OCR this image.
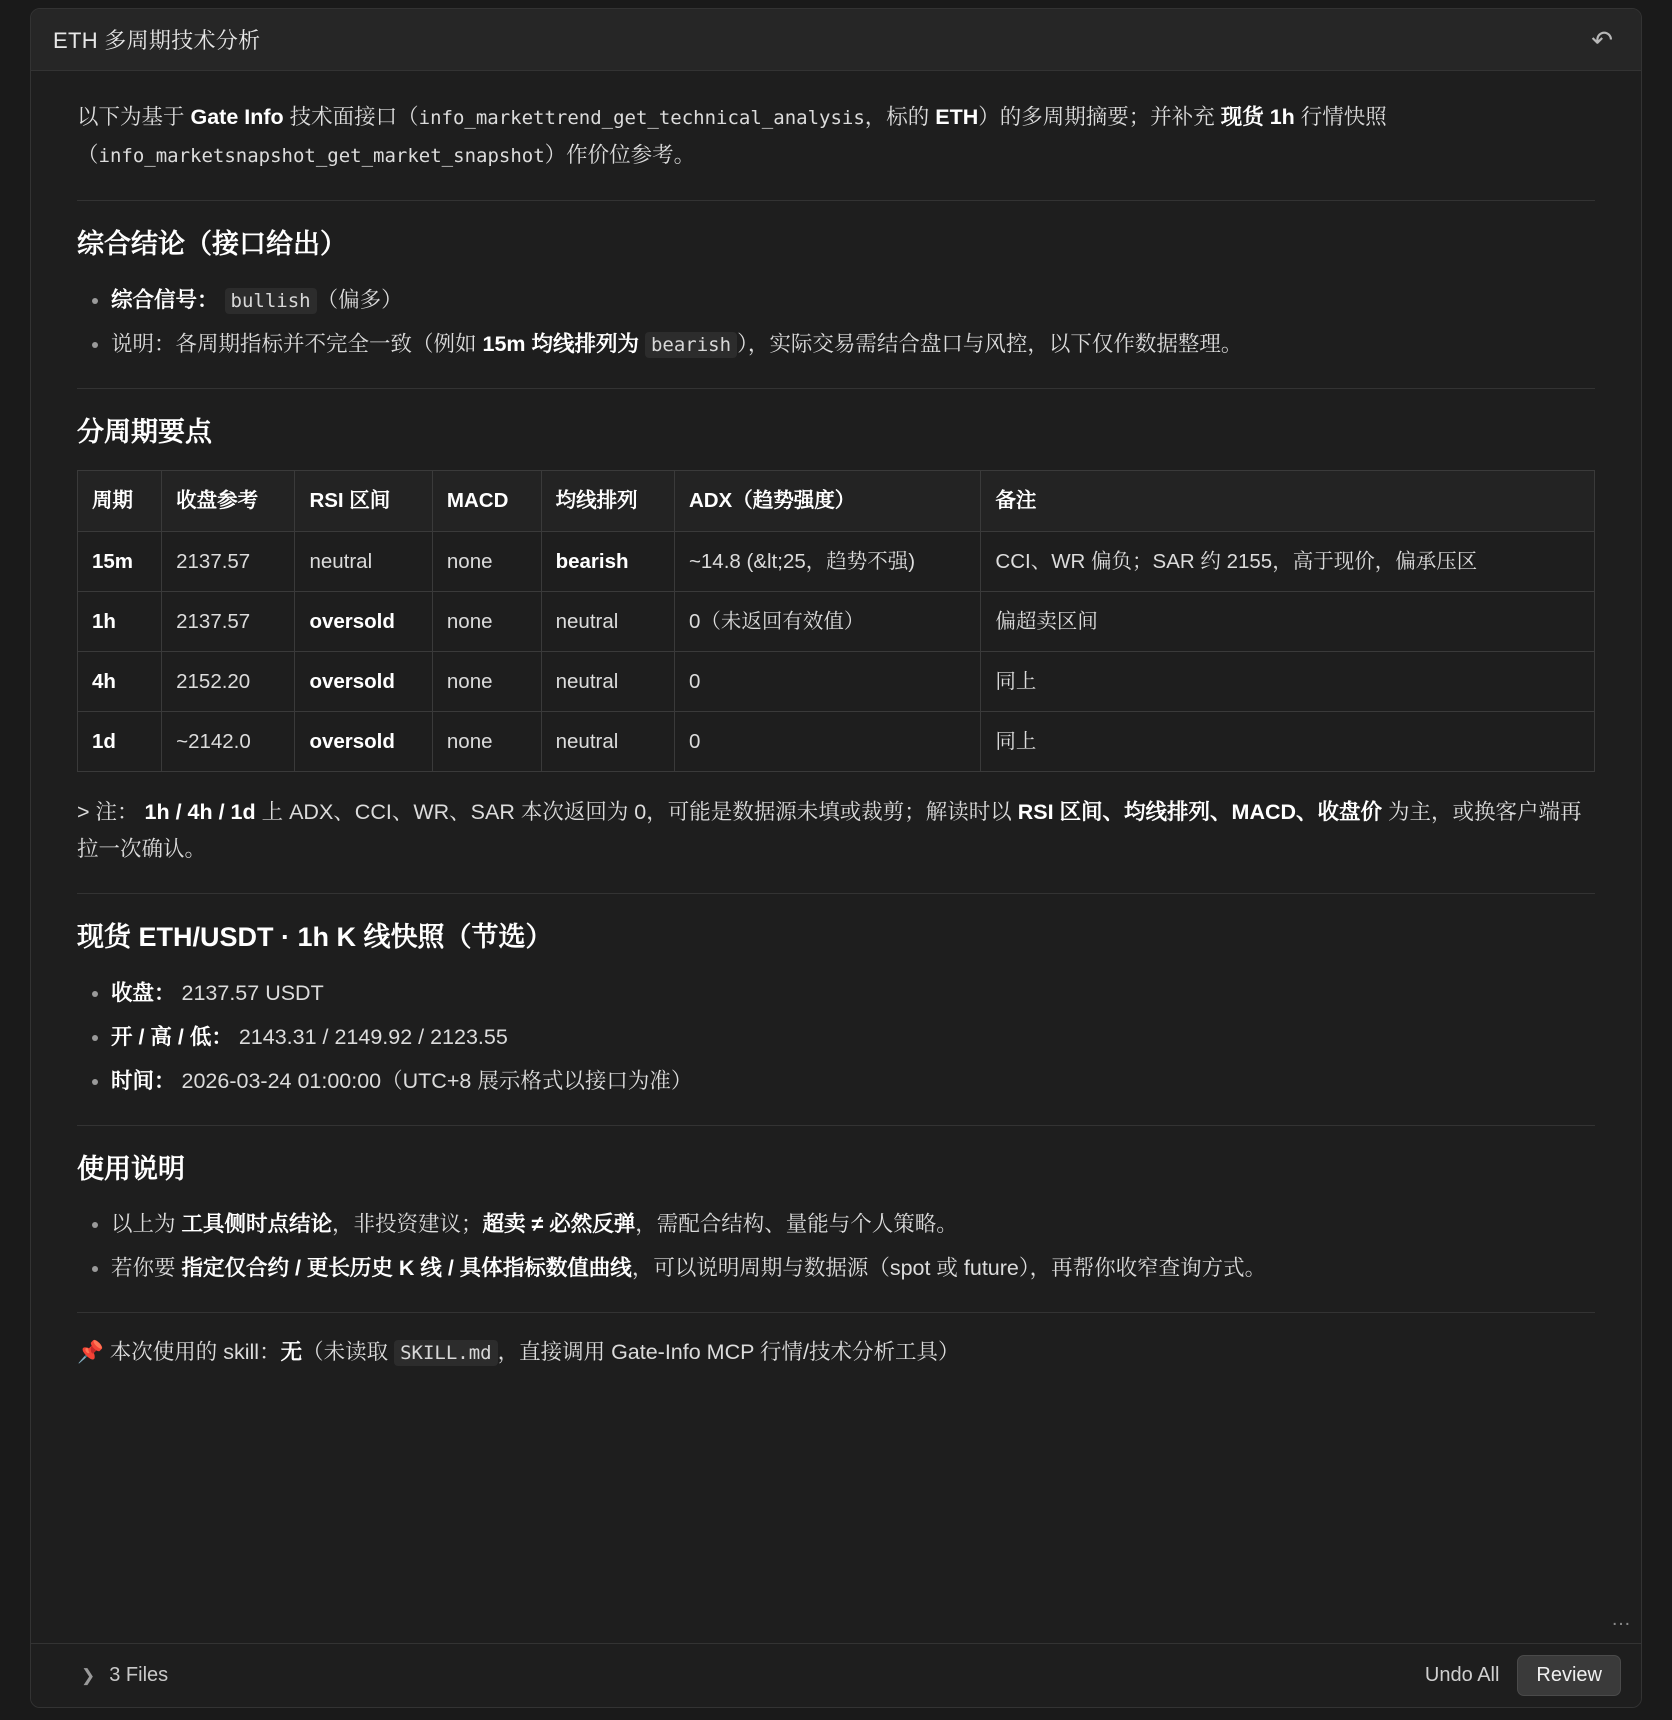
ETH 多周期技术分析	↶

以下为基于 Gate Info 技术面接口（info_markettrend_get_technical_analysis，标的 ETH）的多周期摘要；并补充 现货 1h 行情快照（info_marketsnapshot_get_market_snapshot）作价位参考。

综合结论（接口给出）
• 综合信号： bullish （偏多）
• 说明：各周期指标并不完全一致（例如 15m 均线排列为 bearish ），实际交易需结合盘口与风控，以下仅作数据整理。
分周期要点
周期	收盘参考	RSI 区间	MACD	均线排列	ADX（趋势强度）	备注
15m	2137.57	neutral	none	bearish	~14.8 (&lt;25，趋势不强)	CCI、WR 偏负；SAR 约 2155，高于现价，偏承压区
1h	2137.57	oversold	none	neutral	0（未返回有效值）	偏超卖区间
4h	2152.20	oversold	none	neutral	0	同上
1d	~2142.0	oversold	none	neutral	0	同上

> 注： 1h / 4h / 1d 上 ADX、CCI、WR、SAR 本次返回为 0，可能是数据源未填或裁剪；解读时以 RSI 区间、均线排列、MACD、收盘价 为主，或换客户端再拉一次确认。

现货 ETH/USDT · 1h K 线快照（节选）
• 收盘： 2137.57 USDT
• 开 / 高 / 低： 2143.31 / 2149.92 / 2123.55
• 时间： 2026-03-24 01:00:00（UTC+8 展示格式以接口为准）
使用说明
• 以上为 工具侧时点结论，非投资建议；超卖 ≠ 必然反弹，需配合结构、量能与个人策略。
• 若你要 指定仅合约 / 更长历史 K 线 / 具体指标数值曲线，可以说明周期与数据源（spot 或 future），再帮你收窄查询方式。

📌 本次使用的 skill：无（未读取 SKILL.md ，直接调用 Gate-Info MCP 行情/技术分析工具）

…
❯ 3 Files	Undo All	Review
